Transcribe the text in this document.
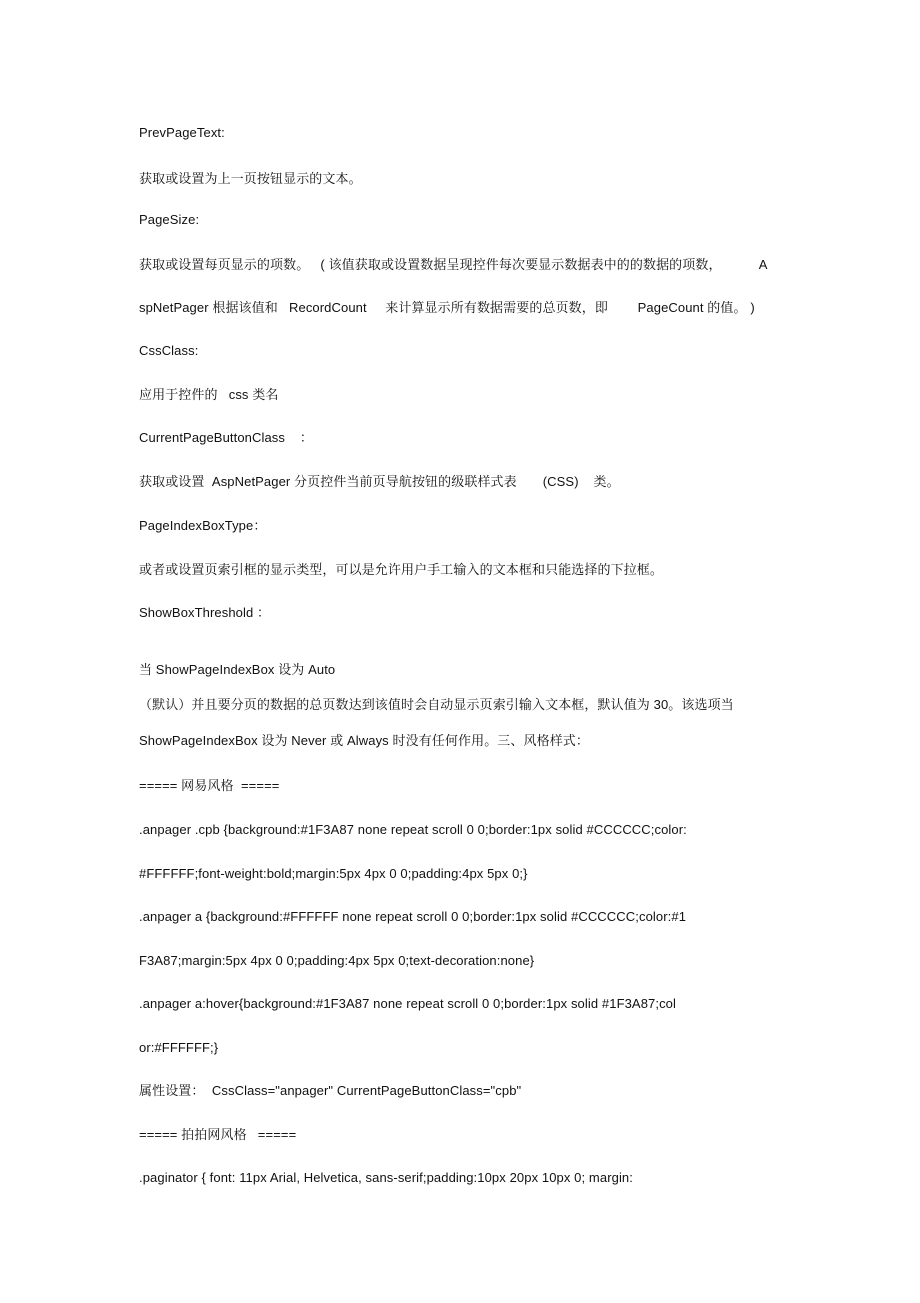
PrevPageText:
获取或设置为上一页按钮显示的文本。
PageSize:
获取或设置每页显示的项数。   ( 该值获取或设置数据呈现控件每次要显示数据表中的的数据的项数，          A
spNetPager 根据该值和   RecordCount     来计算显示所有数据需要的总页数，即        PageCount 的值。 )
CssClass:
应用于控件的   css 类名
CurrentPageButtonClass    ：
获取或设置  AspNetPager 分页控件当前页导航按钮的级联样式表       (CSS)    类。
PageIndexBoxType：
或者或设置页索引框的显示类型，可以是允许用户手工输入的文本框和只能选择的下拉框。
ShowBoxThreshold ：
当 ShowPageIndexBox 设为 Auto
（默认）并且要分页的数据的总页数达到该值时会自动显示页索引输入文本框，默认值为 30。该选项当
ShowPageIndexBox 设为 Never 或 Always 时没有任何作用。三、风格样式：
===== 网易风格  =====
.anpager .cpb {background:#1F3A87 none repeat scroll 0 0;border:1px solid #CCCCCC;color:
#FFFFFF;font-weight:bold;margin:5px 4px 0 0;padding:4px 5px 0;}
.anpager a {background:#FFFFFF none repeat scroll 0 0;border:1px solid #CCCCCC;color:#1
F3A87;margin:5px 4px 0 0;padding:4px 5px 0;text-decoration:none}
.anpager a:hover{background:#1F3A87 none repeat scroll 0 0;border:1px solid #1F3A87;col
or:#FFFFFF;}
属性设置：  CssClass="anpager" CurrentPageButtonClass="cpb"
===== 拍拍网风格   =====
.paginator { font: 11px Arial, Helvetica, sans-serif;padding:10px 20px 10px 0; margin:
